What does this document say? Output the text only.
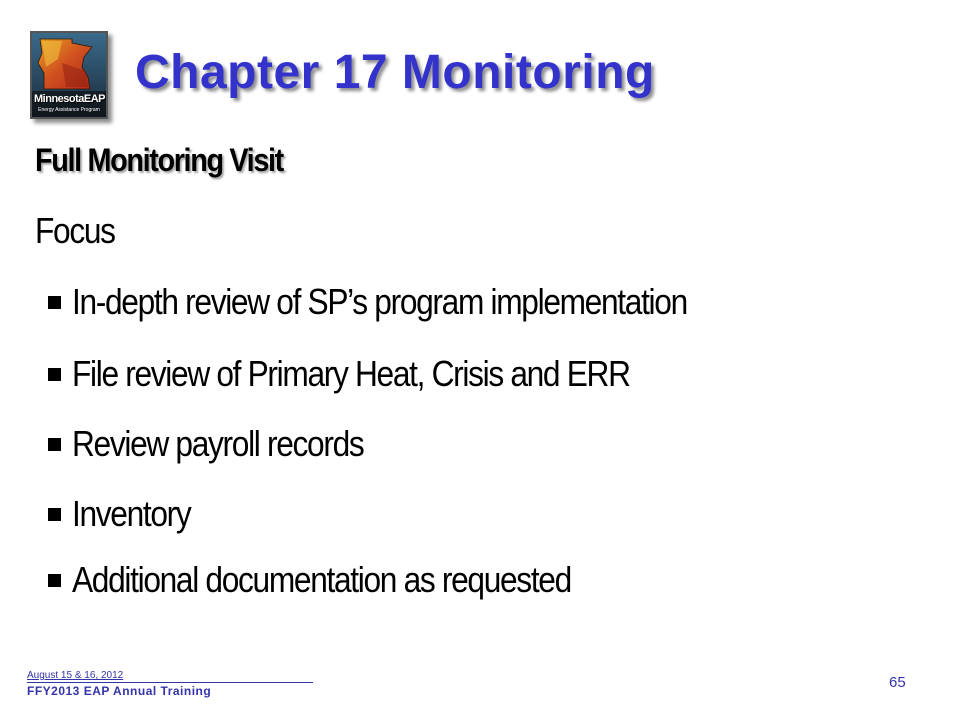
MinnesotaEAP
Energy Assistance Program
Chapter 17 Monitoring
Full Monitoring Visit
Focus
In-depth review of SP’s program implementation
File review of Primary Heat, Crisis and ERR
Review payroll records
Inventory
Additional documentation as requested
August 15 & 16, 2012
FFY2013 EAP Annual Training	65
